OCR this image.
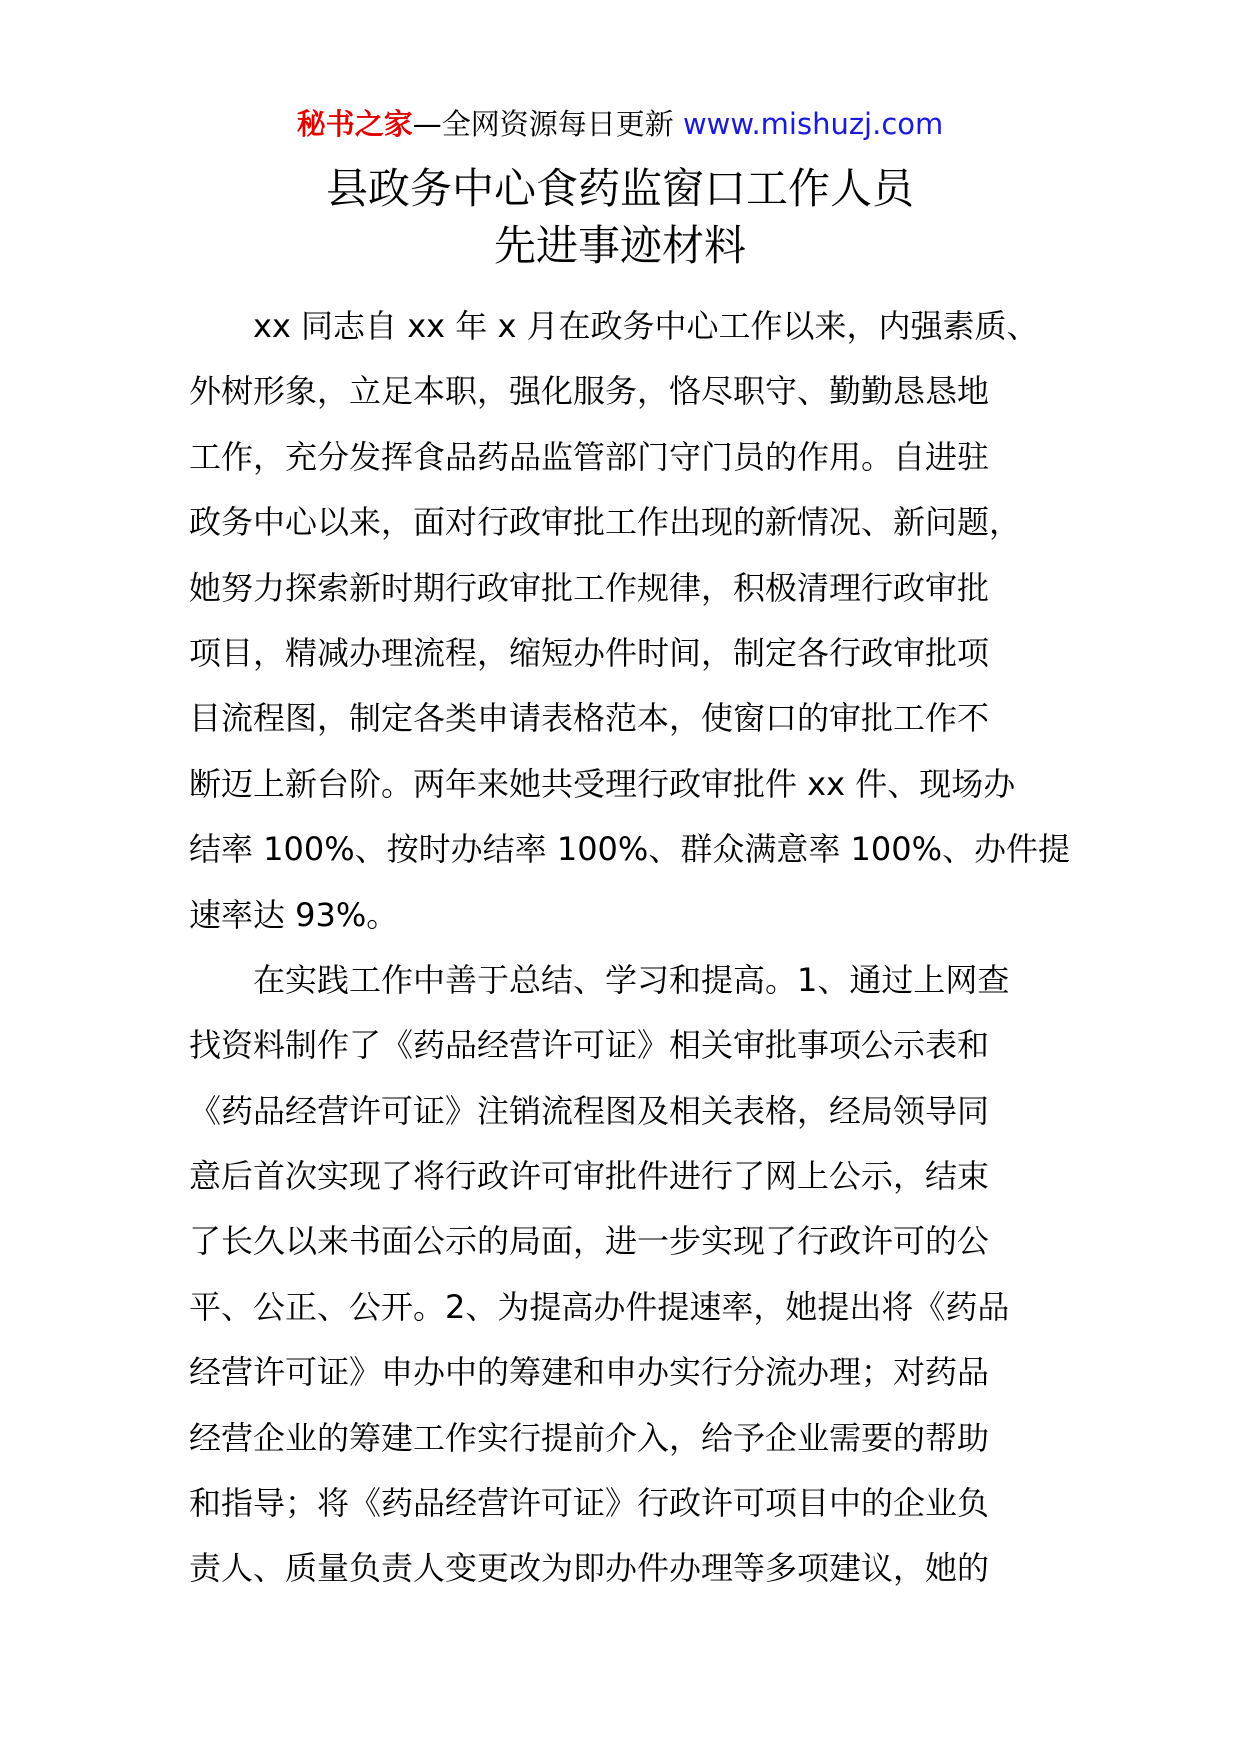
秘书之家—全网资源每日更新 www.mishuzj.com
县政务中心食药监窗口工作人员
先进事迹材料
xx 同志自 xx 年 x 月在政务中心工作以来，内强素质、
外树形象，立足本职，强化服务，恪尽职守、勤勤恳恳地
工作，充分发挥食品药品监管部门守门员的作用。自进驻
政务中心以来，面对行政审批工作出现的新情况、新问题，
她努力探索新时期行政审批工作规律，积极清理行政审批
项目，精减办理流程，缩短办件时间，制定各行政审批项
目流程图，制定各类申请表格范本，使窗口的审批工作不
断迈上新台阶。两年来她共受理行政审批件 xx 件、现场办
结率 100%、按时办结率 100%、群众满意率 100%、办件提
速率达 93%。
在实践工作中善于总结、学习和提高。1、通过上网查
找资料制作了《药品经营许可证》相关审批事项公示表和
《药品经营许可证》注销流程图及相关表格，经局领导同
意后首次实现了将行政许可审批件进行了网上公示，结束
了长久以来书面公示的局面，进一步实现了行政许可的公
平、公正、公开。2、为提高办件提速率，她提出将《药品
经营许可证》申办中的筹建和申办实行分流办理；对药品
经营企业的筹建工作实行提前介入，给予企业需要的帮助
和指导；将《药品经营许可证》行政许可项目中的企业负
责人、质量负责人变更改为即办件办理等多项建议，她的
